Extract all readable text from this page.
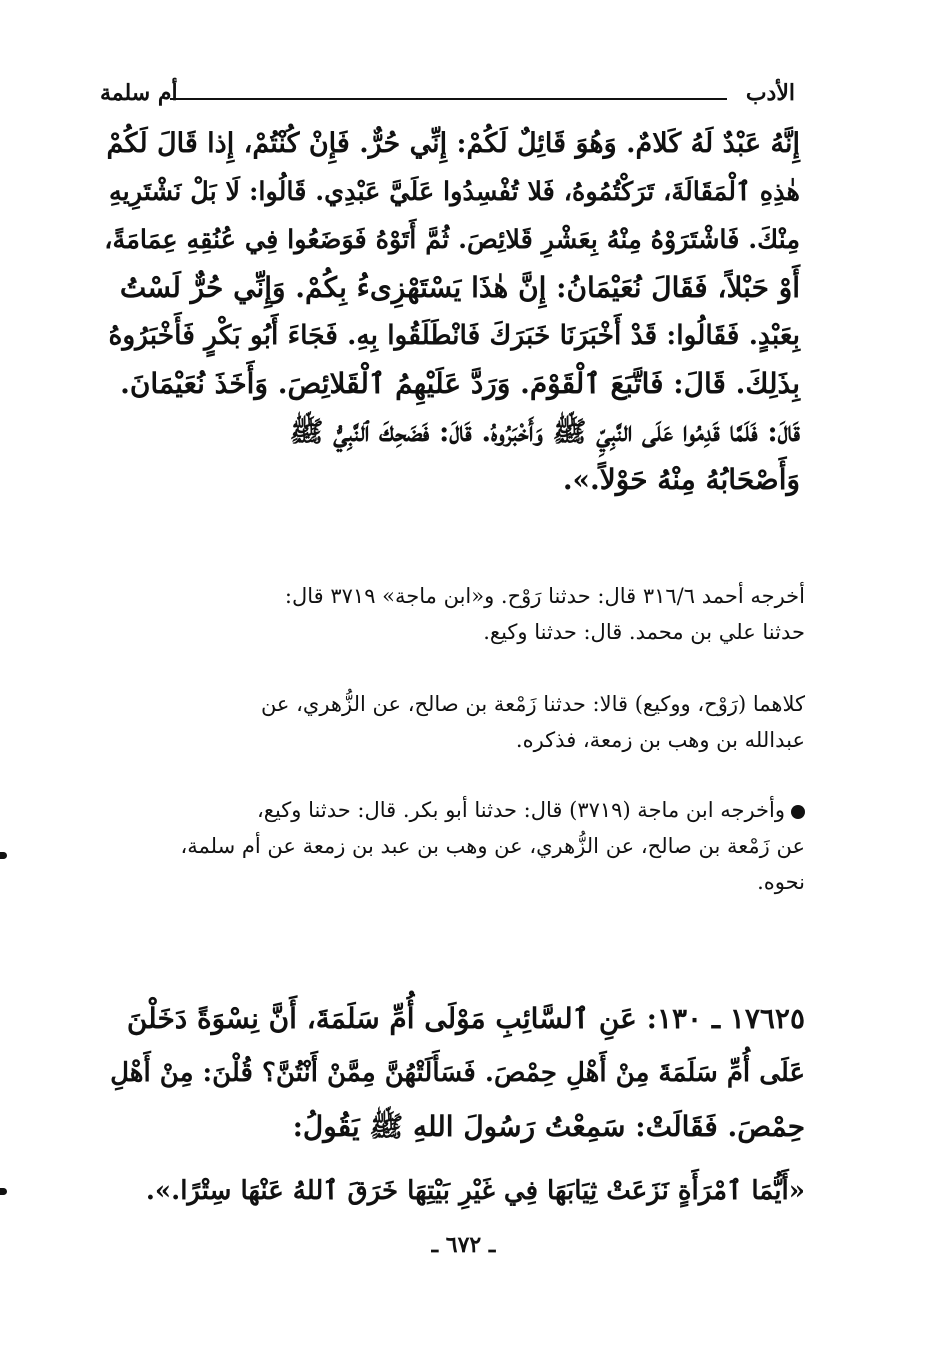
الأدب
أم سلمة
إِنَّهُ عَبْدٌ لَهُ كَلامٌ. وَهُوَ قَائِلٌ لَكُمْ: إِنِّي حُرٌّ. فَإِنْ كُنْتُمْ، إِذا قَالَ لَكُمْ
هٰذِهِ ٱلْمَقَالَةَ، تَرَكْتُمُوهُ، فَلا تُفْسِدُوا عَلَيَّ عَبْدِي. قَالُوا: لَا بَلْ نَشْتَرِيهِ
مِنْكَ. فَاشْتَرَوْهُ مِنْهُ بِعَشْرِ قَلائِصَ. ثُمَّ أَتَوْهُ فَوَضَعُوا فِي عُنُقِهِ عِمَامَةً،
أَوْ حَبْلاً، فَقَالَ نُعَيْمَانُ: إِنَّ هٰذَا يَسْتَهْزِىءُ بِكُمْ. وَإِنِّي حُرٌّ لَسْتُ
بِعَبْدٍ. فَقَالُوا: قَدْ أَخْبَرَنَا خَبَرَكَ فَانْطَلَقُوا بِهِ. فَجَاءَ أَبُو بَكْرٍ فَأَخْبَرُوهُ
بِذَلِكَ. قَالَ: فَاتَّبَعَ ٱلْقَوْمَ. وَرَدَّ عَلَيْهِمُ ٱلْقَلائِصَ. وَأَخَذَ نُعَيْمَانَ.
قَالَ: فَلَمَّا قَدِمُوا عَلَى النَّبِيِّ ﷺ وَأَخْبَرُوهُ. قَالَ: فَضَحِكَ ٱلنَّبِيُّ ﷺ
وَأَصْحَابُهُ مِنْهُ حَوْلاً.».
أخرجه أحمد ٣١٦/٦ قال: حدثنا رَوْح. و«ابن ماجة» ٣٧١٩ قال:
حدثنا علي بن محمد. قال: حدثنا وكيع.
كلاهما (رَوْح، ووكيع) قالا: حدثنا زَمْعة بن صالح، عن الزُّهري، عن
عبدالله بن وهب بن زمعة، فذكره.
وأخرجه ابن ماجة (٣٧١٩) قال: حدثنا أبو بكر. قال: حدثنا وكيع،
عن زَمْعة بن صالح، عن الزُّهري، عن وهب بن عبد بن زمعة عن أم سلمة،
نحوه.
١٧٦٢٥ ـ ١٣٠: عَنِ ٱلسَّائِبِ مَوْلَى أُمِّ سَلَمَةَ، أَنَّ نِسْوَةً دَخَلْنَ
عَلَى أُمِّ سَلَمَةَ مِنْ أَهْلِ حِمْصَ. فَسَأَلَتْهُنَّ مِمَّنْ أَنْتُنَّ؟ قُلْنَ: مِنْ أَهْلِ
حِمْصَ. فَقَالَتْ: سَمِعْتُ رَسُولَ اللهِ ﷺ يَقُولُ:
«أَيُّمَا ٱمْرَأَةٍ نَزَعَتْ ثِيَابَهَا فِي غَيْرِ بَيْتِهَا خَرَقَ ٱللهُ عَنْهَا سِتْرًا.».
ـ ٦٧٢ ـ
